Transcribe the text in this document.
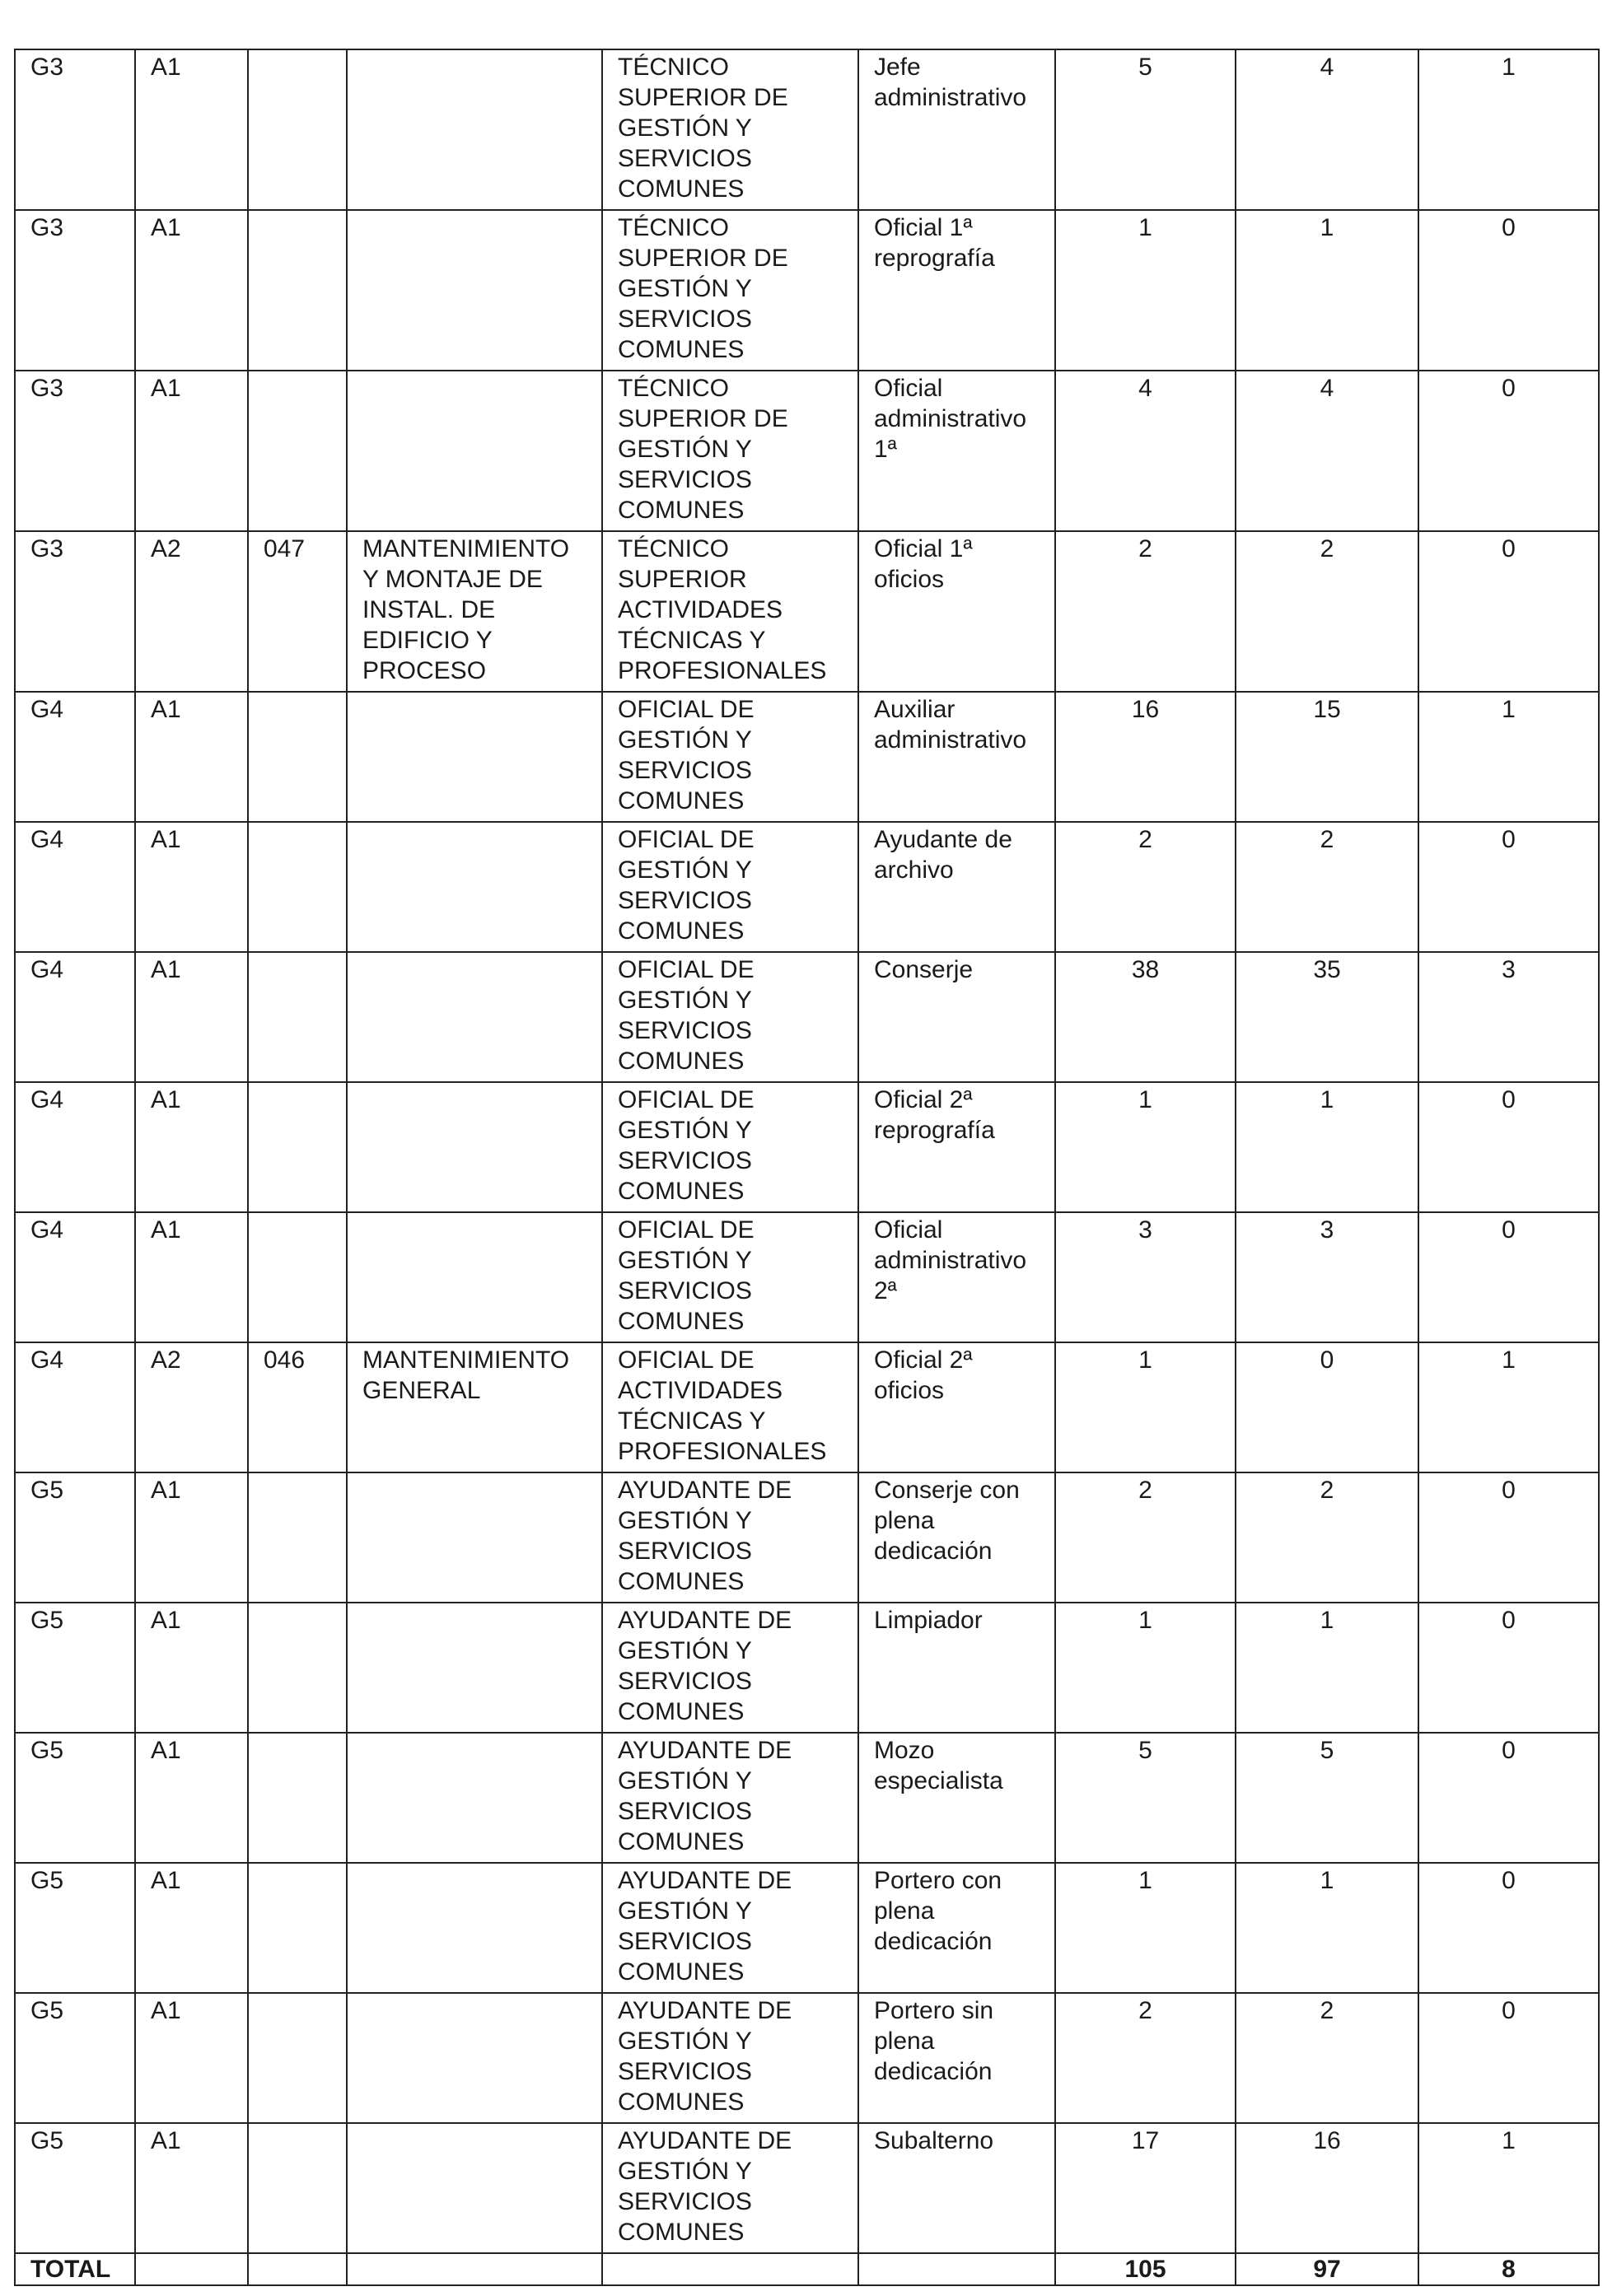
G3	A1			TÉCNICO SUPERIOR DE GESTIÓN Y SERVICIOS COMUNES	Jefe administrativo	5	4	1
G3	A1			TÉCNICO SUPERIOR DE GESTIÓN Y SERVICIOS COMUNES	Oficial 1ª reprografía	1	1	0
G3	A1			TÉCNICO SUPERIOR DE GESTIÓN Y SERVICIOS COMUNES	Oficial administrativo 1ª	4	4	0
G3	A2	047	MANTENIMIENTO Y MONTAJE DE INSTAL. DE EDIFICIO Y PROCESO	TÉCNICO SUPERIOR ACTIVIDADES TÉCNICAS Y PROFESIONALES	Oficial 1ª oficios	2	2	0
G4	A1			OFICIAL DE GESTIÓN Y SERVICIOS COMUNES	Auxiliar administrativo	16	15	1
G4	A1			OFICIAL DE GESTIÓN Y SERVICIOS COMUNES	Ayudante de archivo	2	2	0
G4	A1			OFICIAL DE GESTIÓN Y SERVICIOS COMUNES	Conserje	38	35	3
G4	A1			OFICIAL DE GESTIÓN Y SERVICIOS COMUNES	Oficial 2ª reprografía	1	1	0
G4	A1			OFICIAL DE GESTIÓN Y SERVICIOS COMUNES	Oficial administrativo 2ª	3	3	0
G4	A2	046	MANTENIMIENTO GENERAL	OFICIAL DE ACTIVIDADES TÉCNICAS Y PROFESIONALES	Oficial 2ª oficios	1	0	1
G5	A1			AYUDANTE DE GESTIÓN Y SERVICIOS COMUNES	Conserje con plena dedicación	2	2	0
G5	A1			AYUDANTE DE GESTIÓN Y SERVICIOS COMUNES	Limpiador	1	1	0
G5	A1			AYUDANTE DE GESTIÓN Y SERVICIOS COMUNES	Mozo especialista	5	5	0
G5	A1			AYUDANTE DE GESTIÓN Y SERVICIOS COMUNES	Portero con plena dedicación	1	1	0
G5	A1			AYUDANTE DE GESTIÓN Y SERVICIOS COMUNES	Portero sin plena dedicación	2	2	0
G5	A1			AYUDANTE DE GESTIÓN Y SERVICIOS COMUNES	Subalterno	17	16	1
TOTAL						105	97	8
